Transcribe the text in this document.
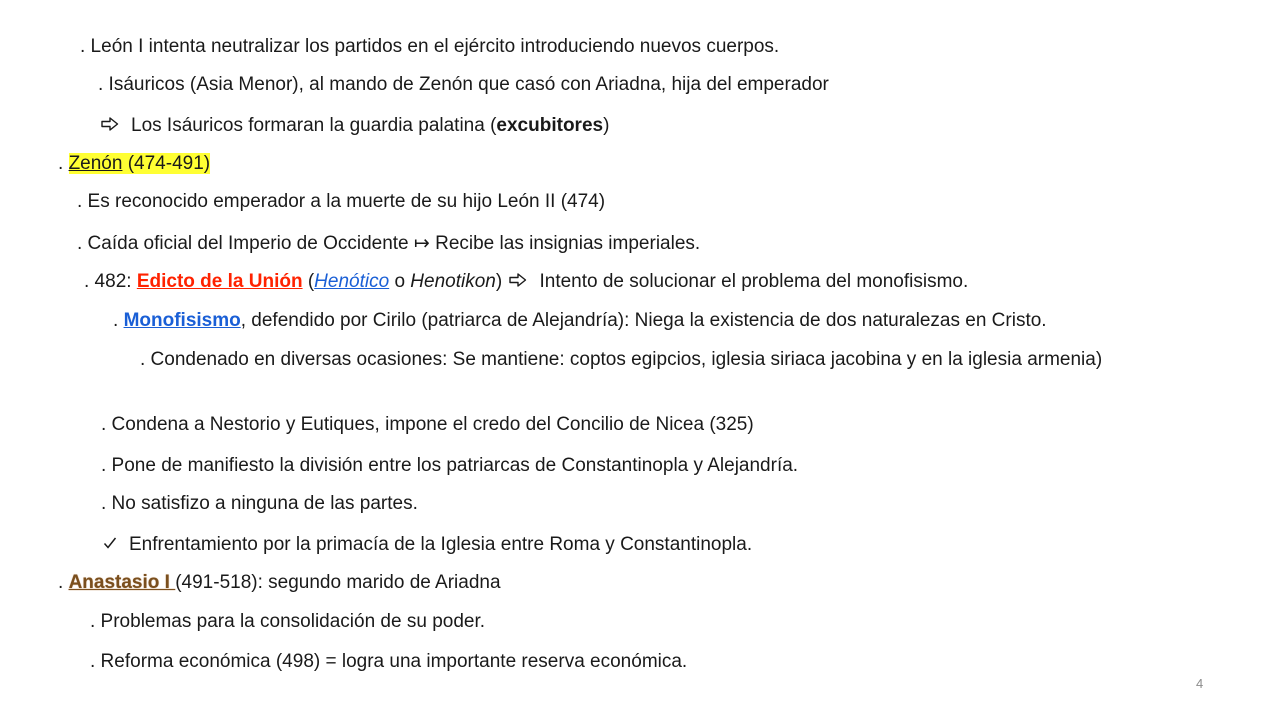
. León I intenta neutralizar los partidos en el ejército introduciendo nuevos cuerpos.
. Isáuricos (Asia Menor), al mando de Zenón que casó con Ariadna, hija del emperador
Los Isáuricos formaran la guardia palatina (excubitores)
. Zenón (474-491)
. Es reconocido emperador a la muerte de su hijo León II (474)
. Caída oficial del Imperio de Occidente ↦ Recibe las insignias imperiales.
. 482: Edicto de la Unión (Henótico o Henotikon) Intento de solucionar el problema del monofisismo.
. Monofisismo, defendido por Cirilo (patriarca de Alejandría): Niega la existencia de dos naturalezas en Cristo.
. Condenado en diversas ocasiones: Se mantiene: coptos egipcios, iglesia siriaca jacobina y en la iglesia armenia)
. Condena a Nestorio y Eutiques, impone el credo del Concilio de Nicea (325)
. Pone de manifiesto la división entre los patriarcas de Constantinopla y Alejandría.
. No satisfizo a ninguna de las partes.
Enfrentamiento por la primacía de la Iglesia entre Roma y Constantinopla.
. Anastasio I (491-518): segundo marido de Ariadna
. Problemas para la consolidación de su poder.
. Reforma económica (498) = logra una importante reserva económica.
4
